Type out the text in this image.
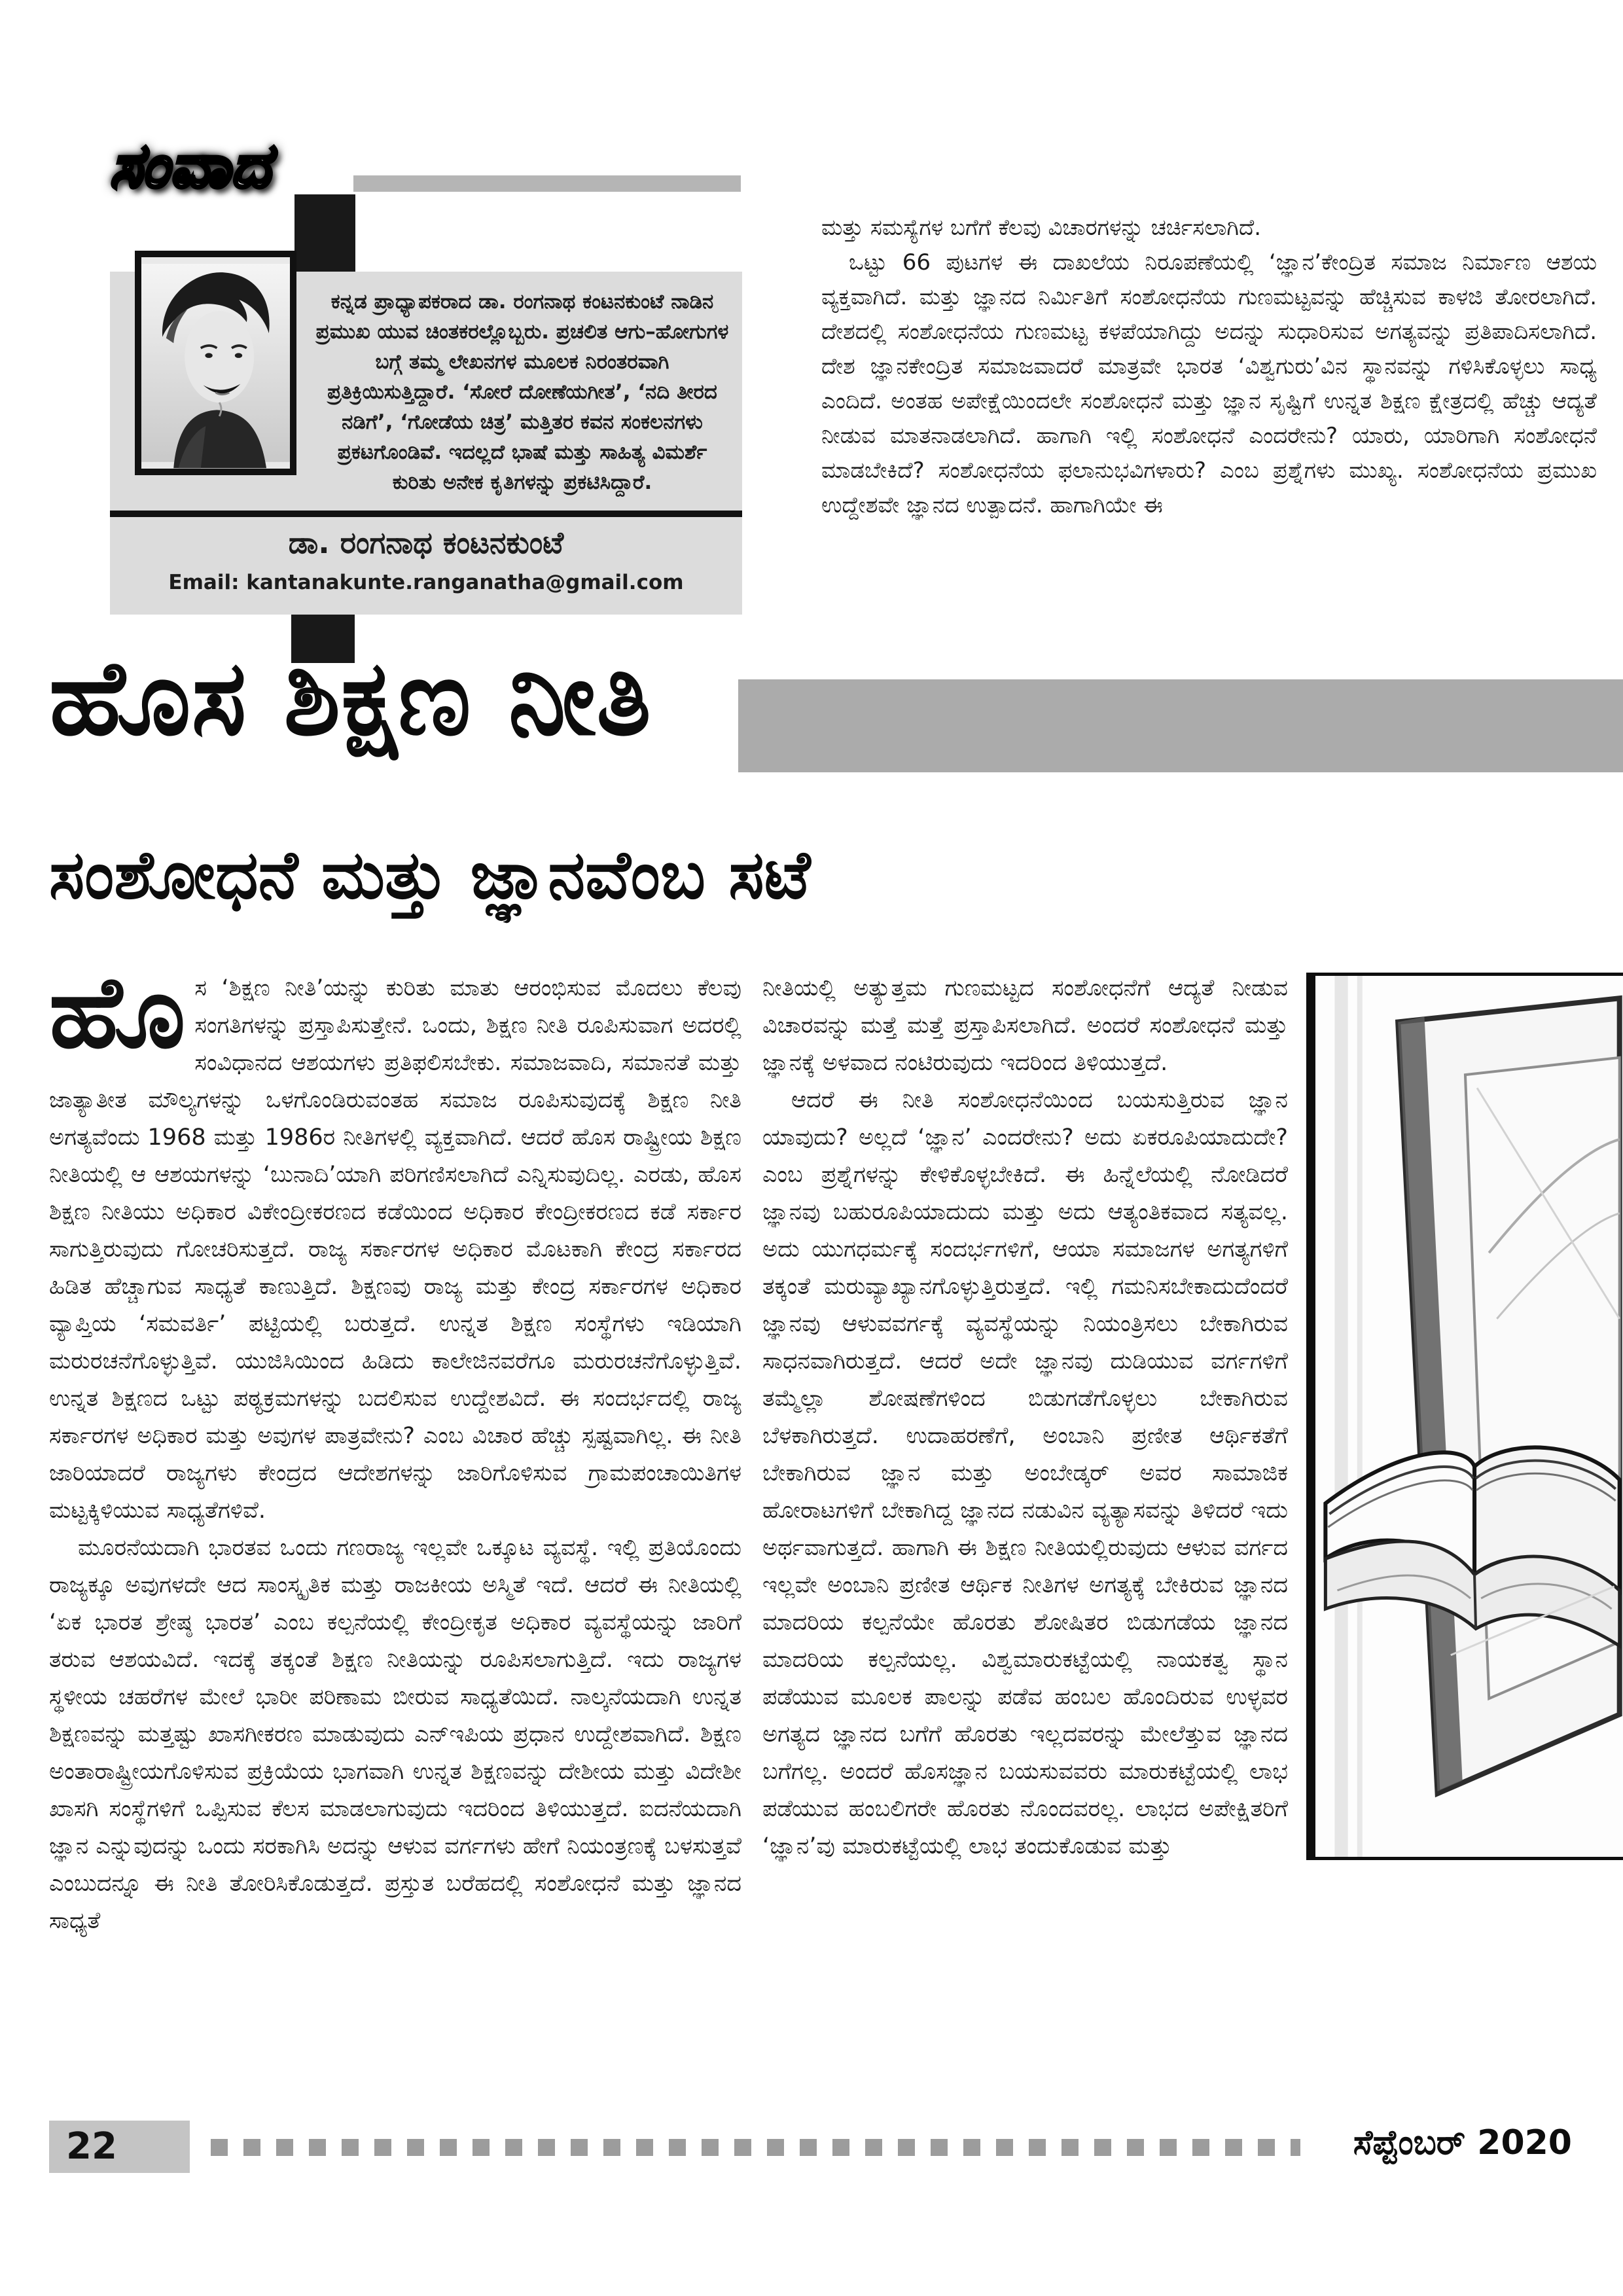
ಸಂವಾದ
ಕನ್ನಡ ಪ್ರಾಧ್ಯಾಪಕರಾದ ಡಾ. ರಂಗನಾಥ ಕಂಟನಕುಂಟೆ ನಾಡಿನ ಪ್ರಮುಖ ಯುವ ಚಿಂತಕರಲ್ಲೊಬ್ಬರು. ಪ್ರಚಲಿತ ಆಗು–ಹೋಗುಗಳ ಬಗ್ಗೆ ತಮ್ಮ ಲೇಖನಗಳ ಮೂಲಕ ನಿರಂತರವಾಗಿ ಪ್ರತಿಕ್ರಿಯಿಸುತ್ತಿದ್ದಾರೆ. ‘ಸೋರೆ ದೋಣೆಯಗೀತ’, ‘ನದಿ ತೀರದ ನಡಿಗೆ’, ‘ಗೋಡೆಯ ಚಿತ್ರ’ ಮತ್ತಿತರ ಕವನ ಸಂಕಲನಗಳು ಪ್ರಕಟಗೊಂಡಿವೆ. ಇದಲ್ಲದೆ ಭಾಷೆ ಮತ್ತು ಸಾಹಿತ್ಯ ವಿಮರ್ಶೆ ಕುರಿತು ಅನೇಕ ಕೃತಿಗಳನ್ನು ಪ್ರಕಟಿಸಿದ್ದಾರೆ.
ಡಾ. ರಂಗನಾಥ ಕಂಟನಕುಂಟೆ
Email: kantanakunte.ranganatha@gmail.com

ಮತ್ತು ಸಮಸ್ಯೆಗಳ ಬಗೆಗೆ ಕೆಲವು ವಿಚಾರಗಳನ್ನು ಚರ್ಚಿಸಲಾಗಿದೆ.

ಒಟ್ಟು 66 ಪುಟಗಳ ಈ ದಾಖಲೆಯ ನಿರೂಪಣೆಯಲ್ಲಿ ‘ಜ್ಞಾನ’ಕೇಂದ್ರಿತ ಸಮಾಜ ನಿರ್ಮಾಣ ಆಶಯ ವ್ಯಕ್ತವಾಗಿದೆ. ಮತ್ತು ಜ್ಞಾನದ ನಿರ್ಮಿತಿಗೆ ಸಂಶೋಧನೆಯ ಗುಣಮಟ್ಟವನ್ನು ಹೆಚ್ಚಿಸುವ ಕಾಳಜಿ ತೋರಲಾಗಿದೆ. ದೇಶದಲ್ಲಿ ಸಂಶೋಧನೆಯ ಗುಣಮಟ್ಟ ಕಳಪೆಯಾಗಿದ್ದು ಅದನ್ನು ಸುಧಾರಿಸುವ ಅಗತ್ಯವನ್ನು ಪ್ರತಿಪಾದಿಸಲಾಗಿದೆ. ದೇಶ ಜ್ಞಾನಕೇಂದ್ರಿತ ಸಮಾಜವಾದರೆ ಮಾತ್ರವೇ ಭಾರತ ‘ವಿಶ್ವಗುರು’ವಿನ ಸ್ಥಾನವನ್ನು ಗಳಿಸಿಕೊಳ್ಳಲು ಸಾಧ್ಯ ಎಂದಿದೆ. ಅಂತಹ ಅಪೇಕ್ಷೆಯಿಂದಲೇ ಸಂಶೋಧನೆ ಮತ್ತು ಜ್ಞಾನ ಸೃಷ್ಟಿಗೆ ಉನ್ನತ ಶಿಕ್ಷಣ ಕ್ಷೇತ್ರದಲ್ಲಿ ಹೆಚ್ಚು ಆದ್ಯತೆ ನೀಡುವ ಮಾತನಾಡಲಾಗಿದೆ. ಹಾಗಾಗಿ ಇಲ್ಲಿ ಸಂಶೋಧನೆ ಎಂದರೇನು? ಯಾರು, ಯಾರಿಗಾಗಿ ಸಂಶೋಧನೆ ಮಾಡಬೇಕಿದೆ? ಸಂಶೋಧನೆಯ ಫಲಾನುಭವಿಗಳಾರು? ಎಂಬ ಪ್ರಶ್ನೆಗಳು ಮುಖ್ಯ. ಸಂಶೋಧನೆಯ ಪ್ರಮುಖ ಉದ್ದೇಶವೇ ಜ್ಞಾನದ ಉತ್ಪಾದನೆ. ಹಾಗಾಗಿಯೇ ಈ

ಹೊಸ ಶಿಕ್ಷಣ ನೀತಿ
ಸಂಶೋಧನೆ ಮತ್ತು ಜ್ಞಾನವೆಂಬ ಸಟೆ

ಹೊಸ ‘ಶಿಕ್ಷಣ ನೀತಿ’ಯನ್ನು ಕುರಿತು ಮಾತು ಆರಂಭಿಸುವ ಮೊದಲು ಕೆಲವು ಸಂಗತಿಗಳನ್ನು ಪ್ರಸ್ತಾಪಿಸುತ್ತೇನೆ. ಒಂದು, ಶಿಕ್ಷಣ ನೀತಿ ರೂಪಿಸುವಾಗ ಅದರಲ್ಲಿ ಸಂವಿಧಾನದ ಆಶಯಗಳು ಪ್ರತಿಫಲಿಸಬೇಕು. ಸಮಾಜವಾದಿ, ಸಮಾನತೆ ಮತ್ತು ಜಾತ್ಯಾತೀತ ಮೌಲ್ಯಗಳನ್ನು ಒಳಗೊಂಡಿರುವಂತಹ ಸಮಾಜ ರೂಪಿಸುವುದಕ್ಕೆ ಶಿಕ್ಷಣ ನೀತಿ ಅಗತ್ಯವೆಂದು 1968 ಮತ್ತು 1986ರ ನೀತಿಗಳಲ್ಲಿ ವ್ಯಕ್ತವಾಗಿದೆ. ಆದರೆ ಹೊಸ ರಾಷ್ಟ್ರೀಯ ಶಿಕ್ಷಣ ನೀತಿಯಲ್ಲಿ ಆ ಆಶಯಗಳನ್ನು ‘ಬುನಾದಿ’ಯಾಗಿ ಪರಿಗಣಿಸಲಾಗಿದೆ ಎನ್ನಿಸುವುದಿಲ್ಲ. ಎರಡು, ಹೊಸ ಶಿಕ್ಷಣ ನೀತಿಯು ಅಧಿಕಾರ ವಿಕೇಂದ್ರೀಕರಣದ ಕಡೆಯಿಂದ ಅಧಿಕಾರ ಕೇಂದ್ರೀಕರಣದ ಕಡೆ ಸರ್ಕಾರ ಸಾಗುತ್ತಿರುವುದು ಗೋಚರಿಸುತ್ತದೆ. ರಾಜ್ಯ ಸರ್ಕಾರಗಳ ಅಧಿಕಾರ ಮೊಟಕಾಗಿ ಕೇಂದ್ರ ಸರ್ಕಾರದ ಹಿಡಿತ ಹೆಚ್ಚಾಗುವ ಸಾಧ್ಯತೆ ಕಾಣುತ್ತಿದೆ. ಶಿಕ್ಷಣವು ರಾಜ್ಯ ಮತ್ತು ಕೇಂದ್ರ ಸರ್ಕಾರಗಳ ಅಧಿಕಾರ ವ್ಯಾಪ್ತಿಯ ‘ಸಮವರ್ತಿ’ ಪಟ್ಟಿಯಲ್ಲಿ ಬರುತ್ತದೆ. ಉನ್ನತ ಶಿಕ್ಷಣ ಸಂಸ್ಥೆಗಳು ಇಡಿಯಾಗಿ ಮರುರಚನೆಗೊಳ್ಳುತ್ತಿವೆ. ಯುಜಿಸಿಯಿಂದ ಹಿಡಿದು ಕಾಲೇಜಿನವರೆಗೂ ಮರುರಚನೆಗೊಳ್ಳುತ್ತಿವೆ. ಉನ್ನತ ಶಿಕ್ಷಣದ ಒಟ್ಟು ಪಠ್ಯಕ್ರಮಗಳನ್ನು ಬದಲಿಸುವ ಉದ್ದೇಶವಿದೆ. ಈ ಸಂದರ್ಭದಲ್ಲಿ ರಾಜ್ಯ ಸರ್ಕಾರಗಳ ಅಧಿಕಾರ ಮತ್ತು ಅವುಗಳ ಪಾತ್ರವೇನು? ಎಂಬ ವಿಚಾರ ಹೆಚ್ಚು ಸ್ಪಷ್ಟವಾಗಿಲ್ಲ. ಈ ನೀತಿ ಜಾರಿಯಾದರೆ ರಾಜ್ಯಗಳು ಕೇಂದ್ರದ ಆದೇಶಗಳನ್ನು ಜಾರಿಗೊಳಿಸುವ ಗ್ರಾಮಪಂಚಾಯಿತಿಗಳ ಮಟ್ಟಕ್ಕಿಳಿಯುವ ಸಾಧ್ಯತೆಗಳಿವೆ.

ಮೂರನೆಯದಾಗಿ ಭಾರತವ ಒಂದು ಗಣರಾಜ್ಯ ಇಲ್ಲವೇ ಒಕ್ಕೂಟ ವ್ಯವಸ್ಥೆ. ಇಲ್ಲಿ ಪ್ರತಿಯೊಂದು ರಾಜ್ಯಕ್ಕೂ ಅವುಗಳದೇ ಆದ ಸಾಂಸ್ಕೃತಿಕ ಮತ್ತು ರಾಜಕೀಯ ಅಸ್ಮಿತೆ ಇದೆ. ಆದರೆ ಈ ನೀತಿಯಲ್ಲಿ ‘ಏಕ ಭಾರತ ಶ್ರೇಷ್ಠ ಭಾರತ’ ಎಂಬ ಕಲ್ಪನೆಯಲ್ಲಿ ಕೇಂದ್ರೀಕೃತ ಅಧಿಕಾರ ವ್ಯವಸ್ಥೆಯನ್ನು ಜಾರಿಗೆ ತರುವ ಆಶಯವಿದೆ. ಇದಕ್ಕೆ ತಕ್ಕಂತೆ ಶಿಕ್ಷಣ ನೀತಿಯನ್ನು ರೂಪಿಸಲಾಗುತ್ತಿದೆ. ಇದು ರಾಜ್ಯಗಳ ಸ್ಥಳೀಯ ಚಹರೆಗಳ ಮೇಲೆ ಭಾರೀ ಪರಿಣಾಮ ಬೀರುವ ಸಾಧ್ಯತೆಯಿದೆ. ನಾಲ್ಕನೆಯದಾಗಿ ಉನ್ನತ ಶಿಕ್ಷಣವನ್ನು ಮತ್ತಷ್ಟು ಖಾಸಗೀಕರಣ ಮಾಡುವುದು ಎನ್‌ಇಪಿಯ ಪ್ರಧಾನ ಉದ್ದೇಶವಾಗಿದೆ. ಶಿಕ್ಷಣ ಅಂತಾರಾಷ್ಟ್ರೀಯಗೊಳಿಸುವ ಪ್ರಕ್ರಿಯೆಯ ಭಾಗವಾಗಿ ಉನ್ನತ ಶಿಕ್ಷಣವನ್ನು ದೇಶೀಯ ಮತ್ತು ವಿದೇಶೀ ಖಾಸಗಿ ಸಂಸ್ಥೆಗಳಿಗೆ ಒಪ್ಪಿಸುವ ಕೆಲಸ ಮಾಡಲಾಗುವುದು ಇದರಿಂದ ತಿಳಿಯುತ್ತದೆ. ಐದನೆಯದಾಗಿ ಜ್ಞಾನ ಎನ್ನುವುದನ್ನು ಒಂದು ಸರಕಾಗಿಸಿ ಅದನ್ನು ಆಳುವ ವರ್ಗಗಳು ಹೇಗೆ ನಿಯಂತ್ರಣಕ್ಕೆ ಬಳಸುತ್ತವೆ ಎಂಬುದನ್ನೂ ಈ ನೀತಿ ತೋರಿಸಿಕೊಡುತ್ತದೆ. ಪ್ರಸ್ತುತ ಬರೆಹದಲ್ಲಿ ಸಂಶೋಧನೆ ಮತ್ತು ಜ್ಞಾನದ ಸಾಧ್ಯತೆ

ನೀತಿಯಲ್ಲಿ ಅತ್ಯುತ್ತಮ ಗುಣಮಟ್ಟದ ಸಂಶೋಧನೆಗೆ ಆದ್ಯತೆ ನೀಡುವ ವಿಚಾರವನ್ನು ಮತ್ತೆ ಮತ್ತೆ ಪ್ರಸ್ತಾಪಿಸಲಾಗಿದೆ. ಅಂದರೆ ಸಂಶೋಧನೆ ಮತ್ತು ಜ್ಞಾನಕ್ಕೆ ಅಳವಾದ ನಂಟಿರುವುದು ಇದರಿಂದ ತಿಳಿಯುತ್ತದೆ.

ಆದರೆ ಈ ನೀತಿ ಸಂಶೋಧನೆಯಿಂದ ಬಯಸುತ್ತಿರುವ ಜ್ಞಾನ ಯಾವುದು? ಅಲ್ಲದೆ ‘ಜ್ಞಾನ’ ಎಂದರೇನು? ಅದು ಏಕರೂಪಿಯಾದುದೇ? ಎಂಬ ಪ್ರಶ್ನೆಗಳನ್ನು ಕೇಳಿಕೊಳ್ಳಬೇಕಿದೆ. ಈ ಹಿನ್ನೆಲೆಯಲ್ಲಿ ನೋಡಿದರೆ ಜ್ಞಾನವು ಬಹುರೂಪಿಯಾದುದು ಮತ್ತು ಅದು ಆತ್ಯಂತಿಕವಾದ ಸತ್ಯವಲ್ಲ. ಅದು ಯುಗಧರ್ಮಕ್ಕೆ ಸಂದರ್ಭಗಳಿಗೆ, ಆಯಾ ಸಮಾಜಗಳ ಅಗತ್ಯಗಳಿಗೆ ತಕ್ಕಂತೆ ಮರುವ್ಯಾಖ್ಯಾನಗೊಳ್ಳುತ್ತಿರುತ್ತದೆ. ಇಲ್ಲಿ ಗಮನಿಸಬೇಕಾದುದೆಂದರೆ ಜ್ಞಾನವು ಆಳುವವರ್ಗಕ್ಕೆ ವ್ಯವಸ್ಥೆಯನ್ನು ನಿಯಂತ್ರಿಸಲು ಬೇಕಾಗಿರುವ ಸಾಧನವಾಗಿರುತ್ತದೆ. ಆದರೆ ಅದೇ ಜ್ಞಾನವು ದುಡಿಯುವ ವರ್ಗಗಳಿಗೆ ತಮ್ಮೆಲ್ಲಾ ಶೋಷಣೆಗಳಿಂದ ಬಿಡುಗಡೆಗೊಳ್ಳಲು ಬೇಕಾಗಿರುವ ಬೆಳಕಾಗಿರುತ್ತದೆ. ಉದಾಹರಣೆಗೆ, ಅಂಬಾನಿ ಪ್ರಣೀತ ಆರ್ಥಿಕತೆಗೆ ಬೇಕಾಗಿರುವ ಜ್ಞಾನ ಮತ್ತು ಅಂಬೇಡ್ಕರ್ ಅವರ ಸಾಮಾಜಿಕ ಹೋರಾಟಗಳಿಗೆ ಬೇಕಾಗಿದ್ದ ಜ್ಞಾನದ ನಡುವಿನ ವ್ಯತ್ಯಾಸವನ್ನು ತಿಳಿದರೆ ಇದು ಅರ್ಥವಾಗುತ್ತದೆ. ಹಾಗಾಗಿ ಈ ಶಿಕ್ಷಣ ನೀತಿಯಲ್ಲಿರುವುದು ಆಳುವ ವರ್ಗದ ಇಲ್ಲವೇ ಅಂಬಾನಿ ಪ್ರಣೀತ ಆರ್ಥಿಕ ನೀತಿಗಳ ಅಗತ್ಯಕ್ಕೆ ಬೇಕಿರುವ ಜ್ಞಾನದ ಮಾದರಿಯ ಕಲ್ಪನೆಯೇ ಹೊರತು ಶೋಷಿತರ ಬಿಡುಗಡೆಯ ಜ್ಞಾನದ ಮಾದರಿಯ ಕಲ್ಪನೆಯಲ್ಲ. ವಿಶ್ವಮಾರುಕಟ್ಟೆಯಲ್ಲಿ ನಾಯಕತ್ವ ಸ್ಥಾನ ಪಡೆಯುವ ಮೂಲಕ ಪಾಲನ್ನು ಪಡೆವ ಹಂಬಲ ಹೊಂದಿರುವ ಉಳ್ಳವರ ಅಗತ್ಯದ ಜ್ಞಾನದ ಬಗೆಗೆ ಹೊರತು ಇಲ್ಲದವರನ್ನು ಮೇಲೆತ್ತುವ ಜ್ಞಾನದ ಬಗೆಗಲ್ಲ. ಅಂದರೆ ಹೊಸಜ್ಞಾನ ಬಯಸುವವರು ಮಾರುಕಟ್ಟೆಯಲ್ಲಿ ಲಾಭ ಪಡೆಯುವ ಹಂಬಲಿಗರೇ ಹೊರತು ನೊಂದವರಲ್ಲ. ಲಾಭದ ಅಪೇಕ್ಷಿತರಿಗೆ ‘ಜ್ಞಾನ’ವು ಮಾರುಕಟ್ಟೆಯಲ್ಲಿ ಲಾಭ ತಂದುಕೊಡುವ ಮತ್ತು

22	ಸೆಪ್ಟೆಂಬರ್ 2020
